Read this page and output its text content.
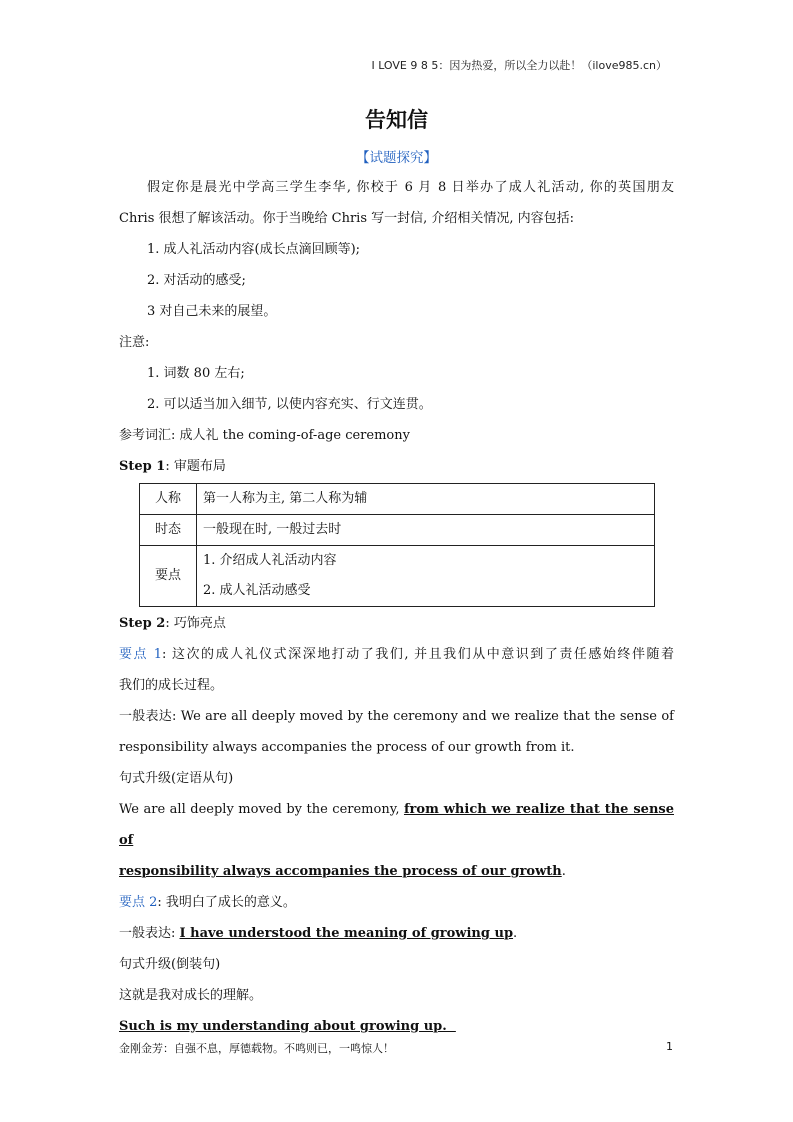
I LOVE 9 8 5：因为热爱，所以全力以赴！（ilove985.cn）
告知信
【试题探究】

假定你是晨光中学高三学生李华, 你校于 6 月 8 日举办了成人礼活动, 你的英国朋友

Chris 很想了解该活动。你于当晚给 Chris 写一封信, 介绍相关情况, 内容包括:

1. 成人礼活动内容(成长点滴回顾等);

2. 对活动的感受;

3 对自己未来的展望。

注意:

1. 词数 80 左右;

2. 可以适当加入细节, 以使内容充实、行文连贯。

参考词汇: 成人礼 the coming-of-age ceremony

Step 1: 审题布局

人称	第一人称为主, 第二人称为辅
时态	一般现在时, 一般过去时
要点	1. 介绍成人礼活动内容
2. 成人礼活动感受

Step 2: 巧饰亮点

要点 1: 这次的成人礼仪式深深地打动了我们, 并且我们从中意识到了责任感始终伴随着

我们的成长过程。

一般表达: We are all deeply moved by the ceremony and we realize that the sense of

responsibility always accompanies the process of our growth from it.

句式升级(定语从句)

We are all deeply moved by the ceremony, from which we realize that the sense of

responsibility always accompanies the process of our growth.

要点 2: 我明白了成长的意义。

一般表达: I have understood the meaning of growing up.

句式升级(倒装句)

这就是我对成长的理解。

Such is my understanding about growing up.

金刚金芳：自强不息，厚德载物。不鸣则已，一鸣惊人！	1
